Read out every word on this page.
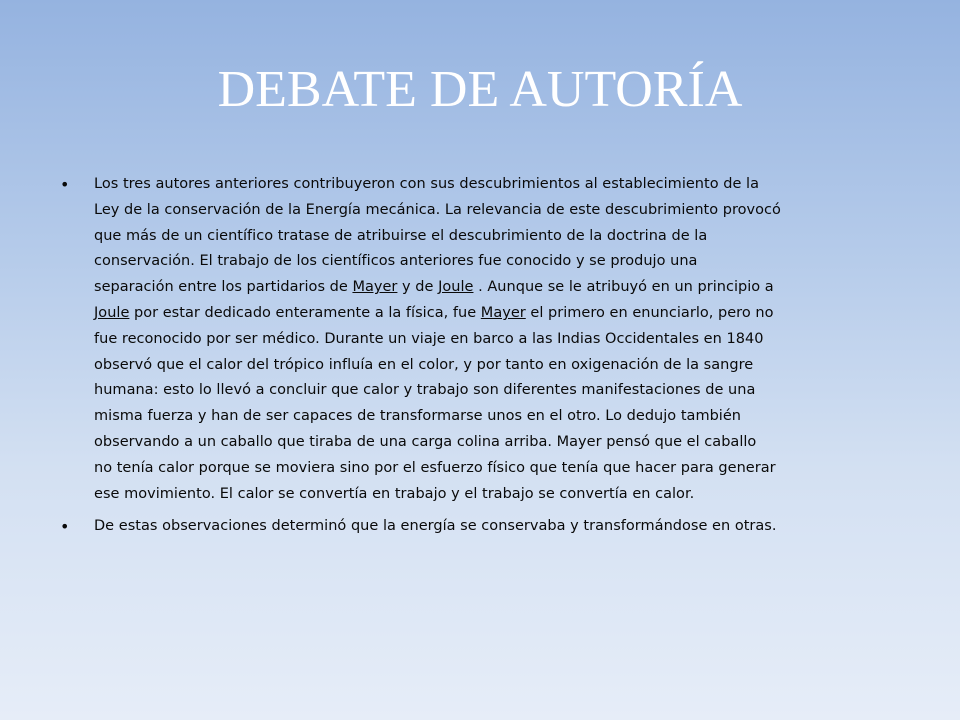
DEBATE DE AUTORÍA
• Los tres autores anteriores contribuyeron con sus descubrimientos al establecimiento de la
Ley de la conservación de la Energía mecánica. La relevancia de este descubrimiento provocó
que más de un científico tratase de atribuirse el descubrimiento de la doctrina de la
conservación. El trabajo de los científicos anteriores fue conocido y se produjo una
separación entre los partidarios de Mayer y de Joule . Aunque se le atribuyó en un principio a
Joule por estar dedicado enteramente a la física, fue Mayer el primero en enunciarlo, pero no
fue reconocido por ser médico. Durante un viaje en barco a las Indias Occidentales en 1840
observó que el calor del trópico influía en el color, y por tanto en oxigenación de la sangre
humana: esto lo llevó a concluir que calor y trabajo son diferentes manifestaciones de una
misma fuerza y han de ser capaces de transformarse unos en el otro. Lo dedujo también
observando a un caballo que tiraba de una carga colina arriba. Mayer pensó que el caballo
no tenía calor porque se moviera sino por el esfuerzo físico que tenía que hacer para generar
ese movimiento. El calor se convertía en trabajo y el trabajo se convertía en calor.
• De estas observaciones determinó que la energía se conservaba y transformándose en otras.
